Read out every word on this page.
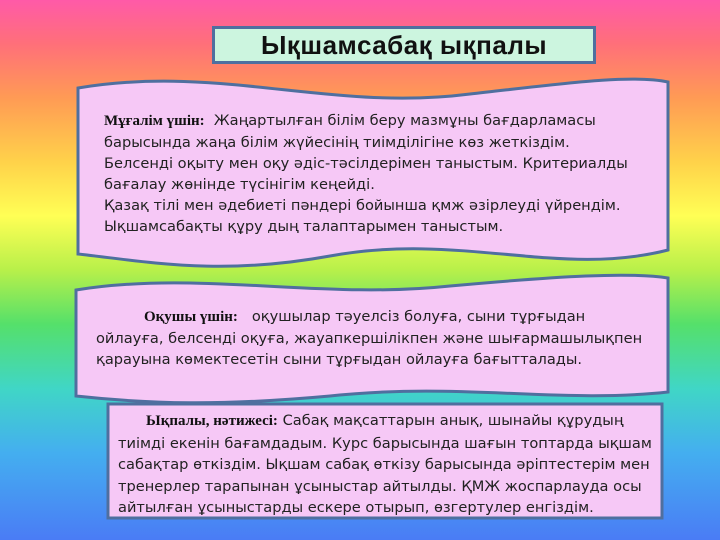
Ықшамсабақ ықпалы
Мұғалім үшін: Жаңартылған білім беру мазмұны бағдарламасы
барысында жаңа білім жүйесінің тиімділігіне көз жеткіздім.
Белсенді оқыту мен оқу әдіс-тәсілдерімен таныстым. Критериалды
бағалау жөнінде түсінігім кеңейді.
Қазақ тілі мен әдебиеті пәндері бойынша қмж әзірлеуді үйрендім.
Ықшамсабақты құру дың талаптарымен таныстым.
Оқушы үшін: оқушылар тәуелсіз болуға, сыни тұрғыдан
ойлауға, белсенді оқуға, жауапкершілікпен және шығармашылықпен
қарауына көмектесетін сыни тұрғыдан ойлауға бағытталады.
Ықпалы, нәтижесі: Сабақ мақсаттарын анық, шынайы құрудың
тиімді екенін бағамдадым. Курс барысында шағын топтарда ықшам
сабақтар өткіздім. Ықшам сабақ өткізу барысында әріптестерім мен
тренерлер тарапынан ұсыныстар айтылды. ҚМЖ жоспарлауда осы
айтылған ұсыныстарды ескере отырып, өзгертулер енгіздім.
